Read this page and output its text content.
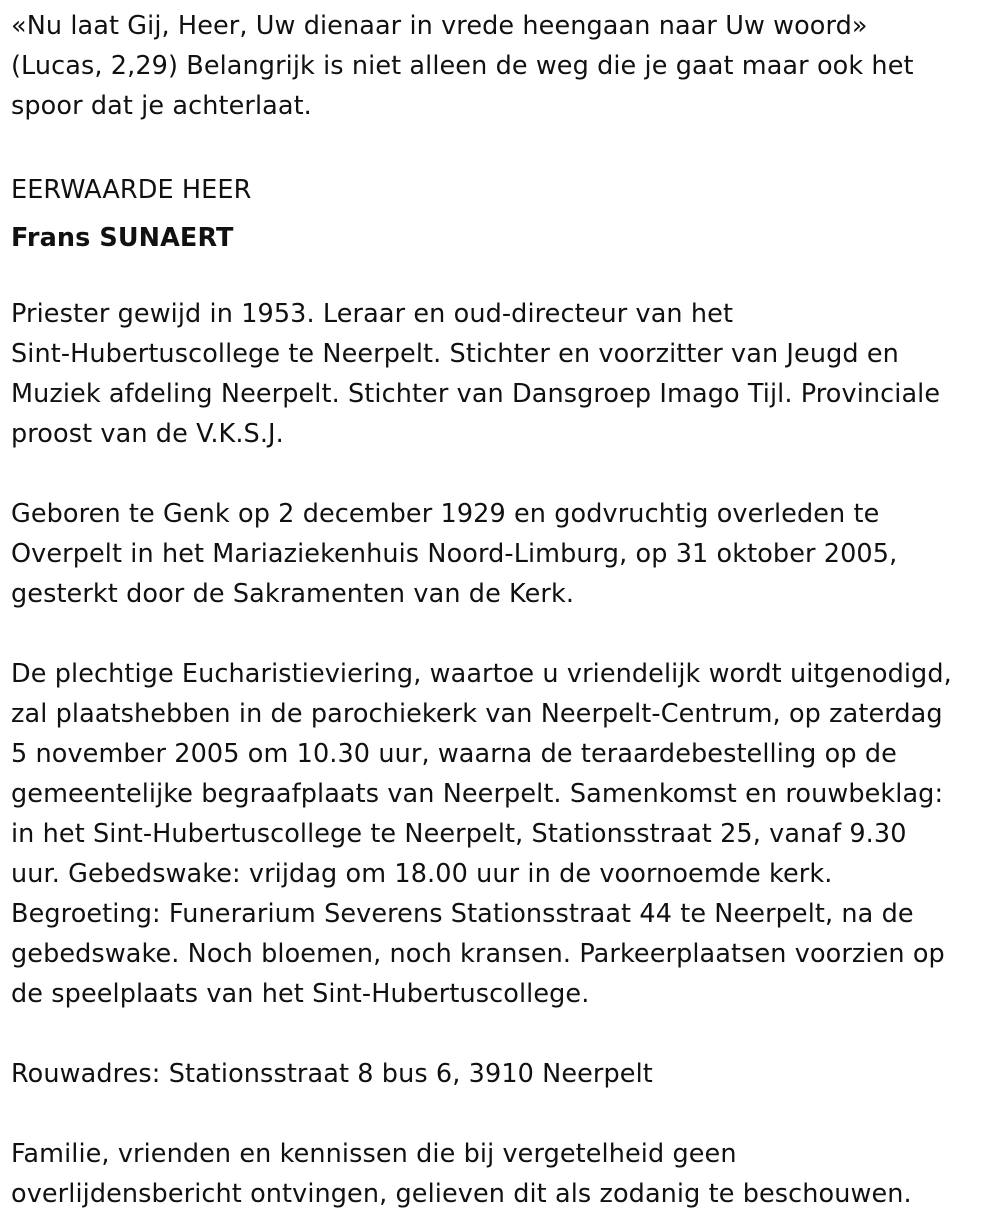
«Nu laat Gij, Heer, Uw dienaar in vrede heengaan naar Uw woord»
(Lucas, 2,29) Belangrijk is niet alleen de weg die je gaat maar ook het
spoor dat je achterlaat.
EERWAARDE HEER
Frans SUNAERT
Priester gewijd in 1953. Leraar en oud-directeur van het
Sint-Hubertuscollege te Neerpelt. Stichter en voorzitter van Jeugd en
Muziek afdeling Neerpelt. Stichter van Dansgroep Imago Tijl. Provinciale
proost van de V.K.S.J.
Geboren te Genk op 2 december 1929 en godvruchtig overleden te
Overpelt in het Mariaziekenhuis Noord-Limburg, op 31 oktober 2005,
gesterkt door de Sakramenten van de Kerk.
De plechtige Eucharistieviering, waartoe u vriendelijk wordt uitgenodigd,
zal plaatshebben in de parochiekerk van Neerpelt-Centrum, op zaterdag
5 november 2005 om 10.30 uur, waarna de teraardebestelling op de
gemeentelijke begraafplaats van Neerpelt. Samenkomst en rouwbeklag:
in het Sint-Hubertuscollege te Neerpelt, Stationsstraat 25, vanaf 9.30
uur. Gebedswake: vrijdag om 18.00 uur in de voornoemde kerk.
Begroeting: Funerarium Severens Stationsstraat 44 te Neerpelt, na de
gebedswake. Noch bloemen, noch kransen. Parkeerplaatsen voorzien op
de speelplaats van het Sint-Hubertuscollege.
Rouwadres: Stationsstraat 8 bus 6, 3910 Neerpelt
Familie, vrienden en kennissen die bij vergetelheid geen
overlijdensbericht ontvingen, gelieven dit als zodanig te beschouwen.
